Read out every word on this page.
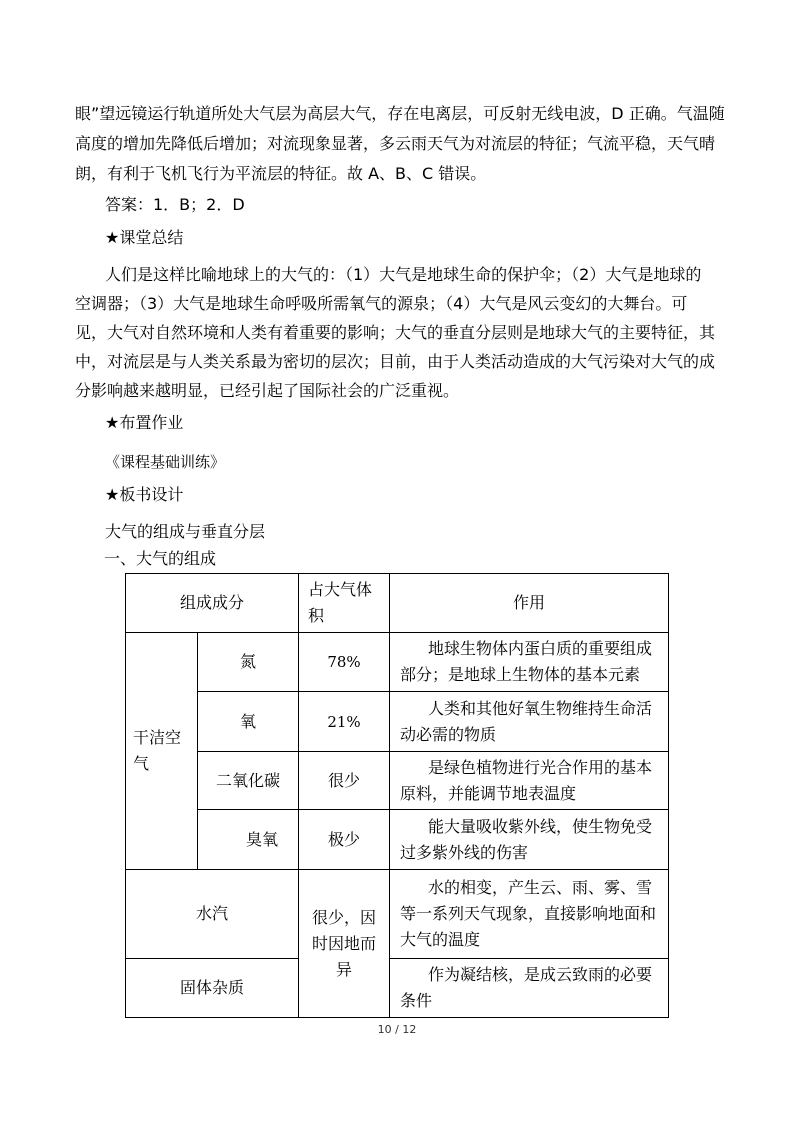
眼”望远镜运行轨道所处大气层为高层大气，存在电离层，可反射无线电波，D 正确。气温随
高度的增加先降低后增加；对流现象显著，多云雨天气为对流层的特征；气流平稳，天气晴
朗，有利于飞机飞行为平流层的特征。故 A、B、C 错误。
答案：1．B；2．D
★课堂总结
人们是这样比喻地球上的大气的：（1）大气是地球生命的保护伞；（2）大气是地球的
空调器；（3）大气是地球生命呼吸所需氧气的源泉；（4）大气是风云变幻的大舞台。可
见，大气对自然环境和人类有着重要的影响；大气的垂直分层则是地球大气的主要特征，其
中，对流层是与人类关系最为密切的层次；目前，由于人类活动造成的大气污染对大气的成
分影响越来越明显，已经引起了国际社会的广泛重视。
★布置作业
《课程基础训练》
★板书设计
大气的组成与垂直分层
一、大气的组成
组成成分		占大气体积	作用
干洁空气	氮	78%	地球生物体内蛋白质的重要组成部分；是地球上生物体的基本元素
	氧	21%	人类和其他好氧生物维持生命活动必需的物质
	二氧化碳	很少	是绿色植物进行光合作用的基本原料，并能调节地表温度
	臭氧	极少	能大量吸收紫外线，使生物免受过多紫外线的伤害
水汽		很少，因时因地而异	水的相变，产生云、雨、雾、雪等一系列天气现象，直接影响地面和大气的温度
固体杂质			作为凝结核，是成云致雨的必要条件
10 / 12
